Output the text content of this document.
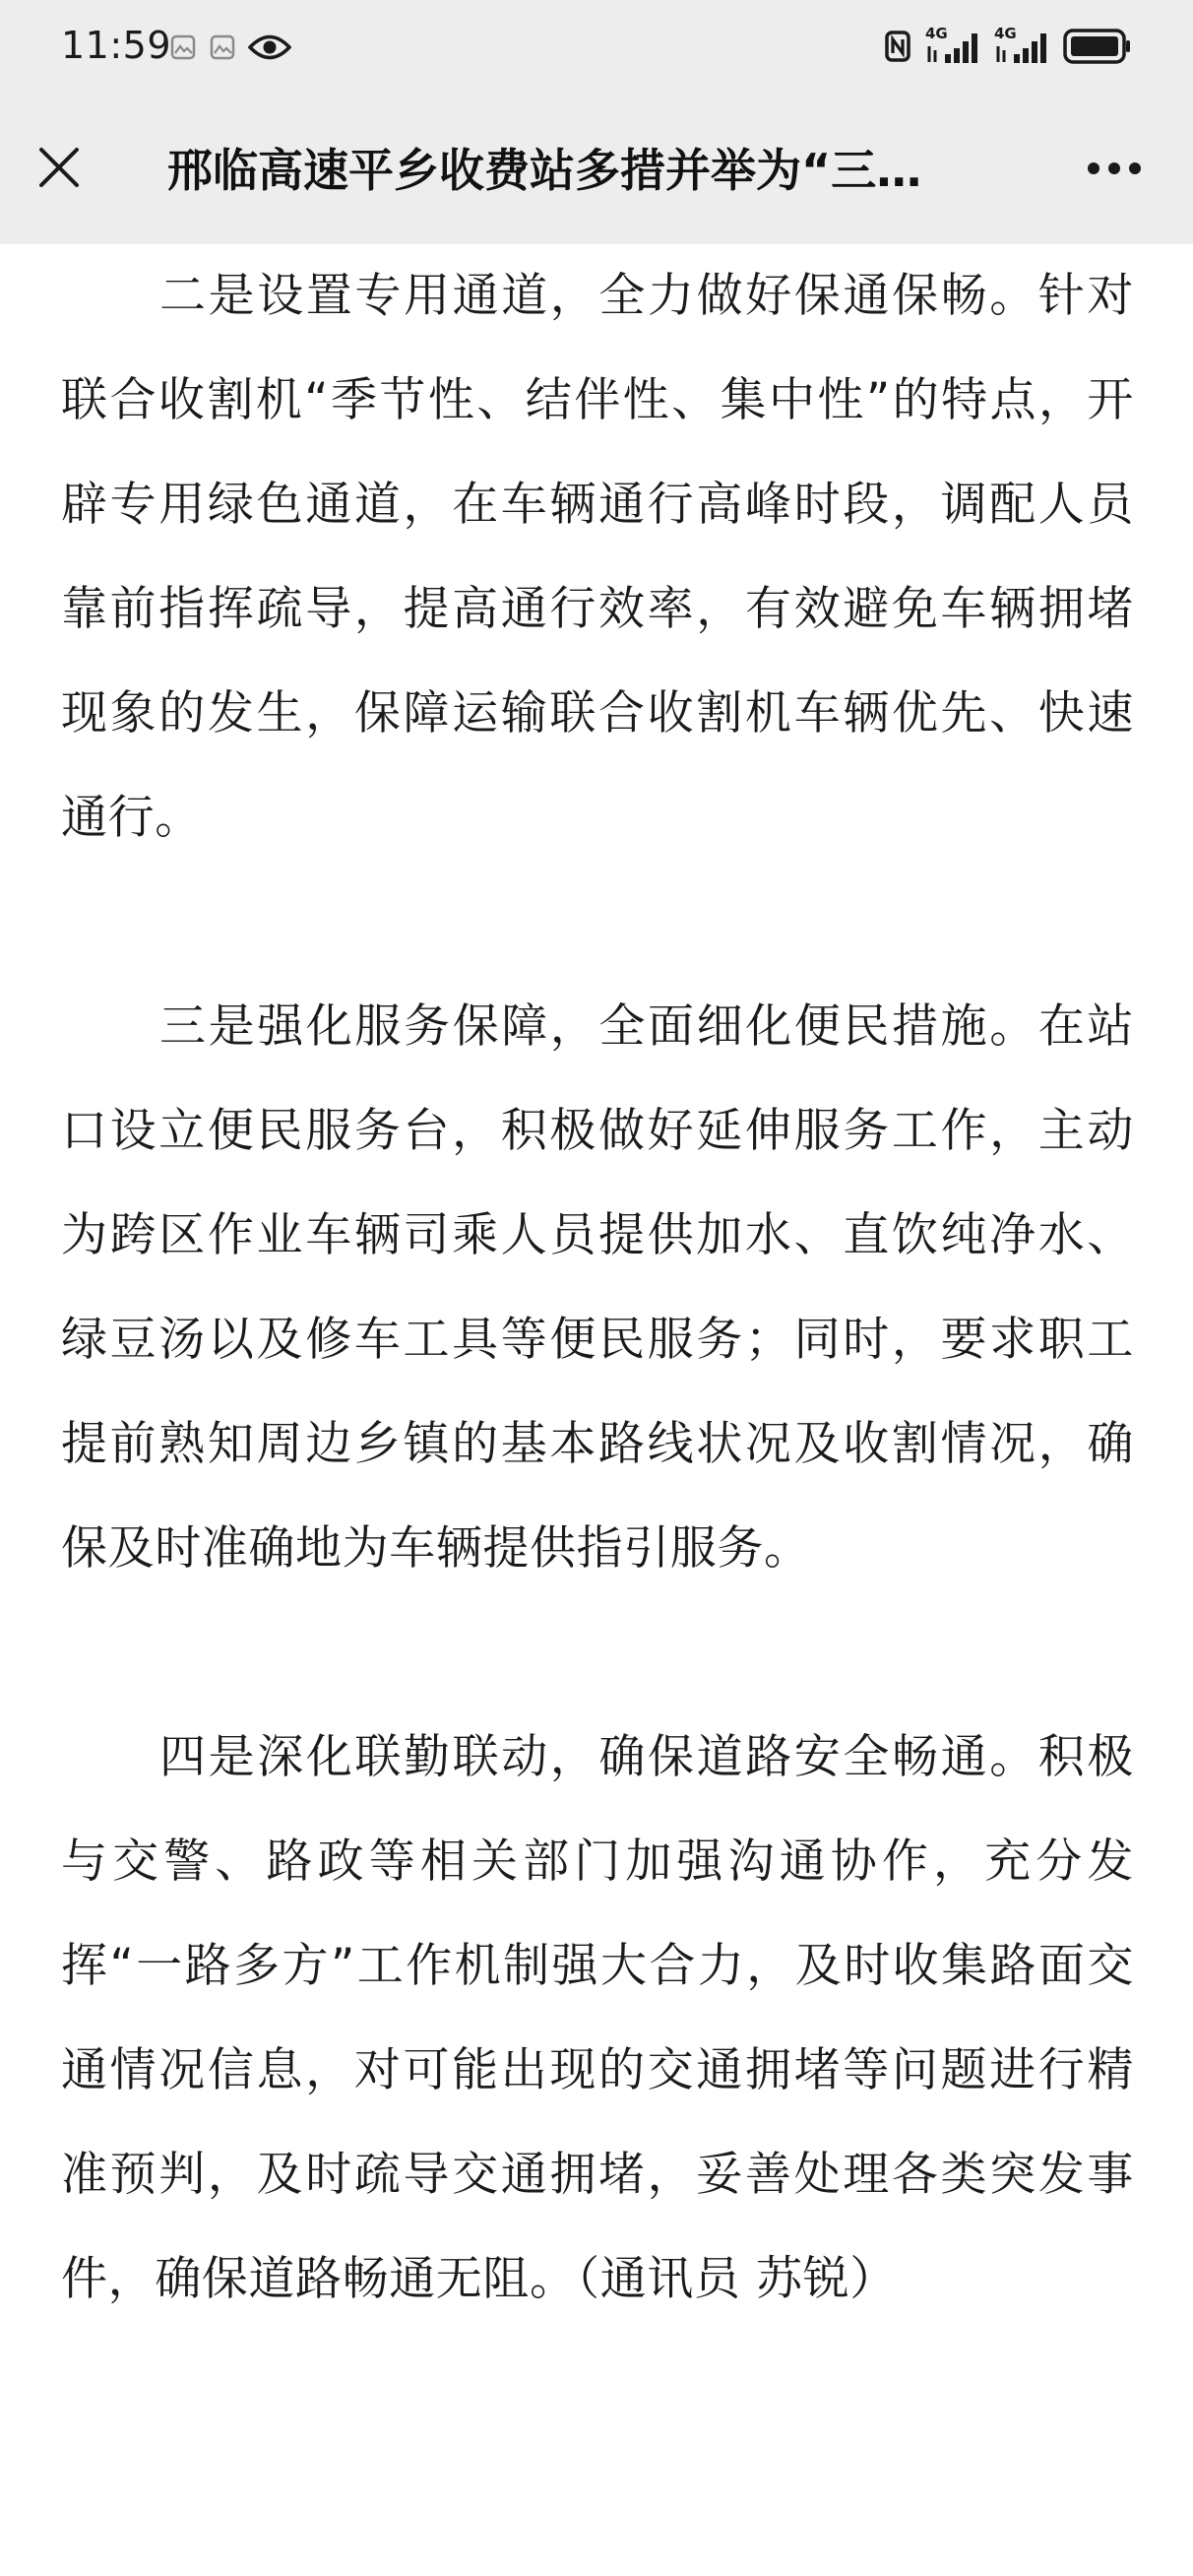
11:59	4G	4G
邢临高速平乡收费站多措并举为“三…

二是设置专用通道，全力做好保通保畅。针对联合收割机“季节性、结伴性、集中性”的特点，开辟专用绿色通道，在车辆通行高峰时段，调配人员靠前指挥疏导，提高通行效率，有效避免车辆拥堵现象的发生，保障运输联合收割机车辆优先、快速通行。

三是强化服务保障，全面细化便民措施。在站口设立便民服务台，积极做好延伸服务工作，主动为跨区作业车辆司乘人员提供加水、直饮纯净水、绿豆汤以及修车工具等便民服务；同时，要求职工提前熟知周边乡镇的基本路线状况及收割情况，确保及时准确地为车辆提供指引服务。

四是深化联勤联动，确保道路安全畅通。积极与交警、路政等相关部门加强沟通协作，充分发挥“一路多方”工作机制强大合力，及时收集路面交通情况信息，对可能出现的交通拥堵等问题进行精准预判，及时疏导交通拥堵，妥善处理各类突发事件，确保道路畅通无阻。（通讯员 苏锐）
